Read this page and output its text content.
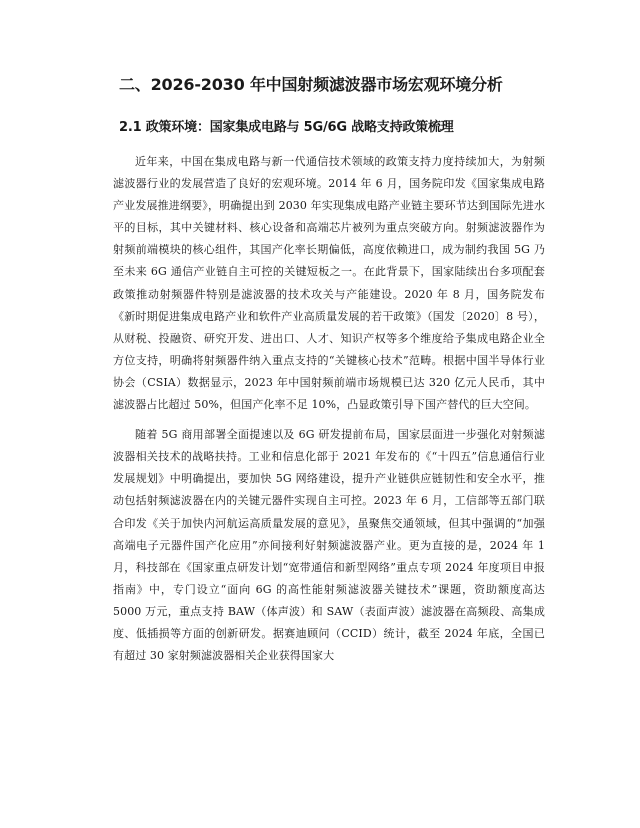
二、2026-2030 年中国射频滤波器市场宏观环境分析
2.1 政策环境：国家集成电路与 5G/6G 战略支持政策梳理

近年来，中国在集成电路与新一代通信技术领域的政策支持力度持续加大，为射频滤波器行业的发展营造了良好的宏观环境。2014 年 6 月，国务院印发《国家集成电路产业发展推进纲要》，明确提出到 2030 年实现集成电路产业链主要环节达到国际先进水平的目标，其中关键材料、核心设备和高端芯片被列为重点突破方向。射频滤波器作为射频前端模块的核心组件，其国产化率长期偏低，高度依赖进口，成为制约我国 5G 乃至未来 6G 通信产业链自主可控的关键短板之一。在此背景下，国家陆续出台多项配套政策推动射频器件特别是滤波器的技术攻关与产能建设。2020 年 8 月，国务院发布《新时期促进集成电路产业和软件产业高质量发展的若干政策》（国发〔2020〕8 号），从财税、投融资、研究开发、进出口、人才、知识产权等多个维度给予集成电路企业全方位支持，明确将射频器件纳入重点支持的“关键核心技术”范畴。根据中国半导体行业协会（CSIA）数据显示，2023 年中国射频前端市场规模已达 320 亿元人民币，其中滤波器占比超过 50%，但国产化率不足 10%，凸显政策引导下国产替代的巨大空间。

随着 5G 商用部署全面提速以及 6G 研发提前布局，国家层面进一步强化对射频滤波器相关技术的战略扶持。工业和信息化部于 2021 年发布的《“十四五”信息通信行业发展规划》中明确提出，要加快 5G 网络建设，提升产业链供应链韧性和安全水平，推动包括射频滤波器在内的关键元器件实现自主可控。2023 年 6 月，工信部等五部门联合印发《关于加快内河航运高质量发展的意见》，虽聚焦交通领域，但其中强调的“加强高端电子元器件国产化应用”亦间接利好射频滤波器产业。更为直接的是，2024 年 1 月，科技部在《国家重点研发计划“宽带通信和新型网络”重点专项 2024 年度项目申报指南》中，专门设立“面向 6G 的高性能射频滤波器关键技术”课题，资助额度高达 5000 万元，重点支持 BAW（体声波）和 SAW（表面声波）滤波器在高频段、高集成度、低插损等方面的创新研发。据赛迪顾问（CCID）统计，截至 2024 年底，全国已有超过 30 家射频滤波器相关企业获得国家大
